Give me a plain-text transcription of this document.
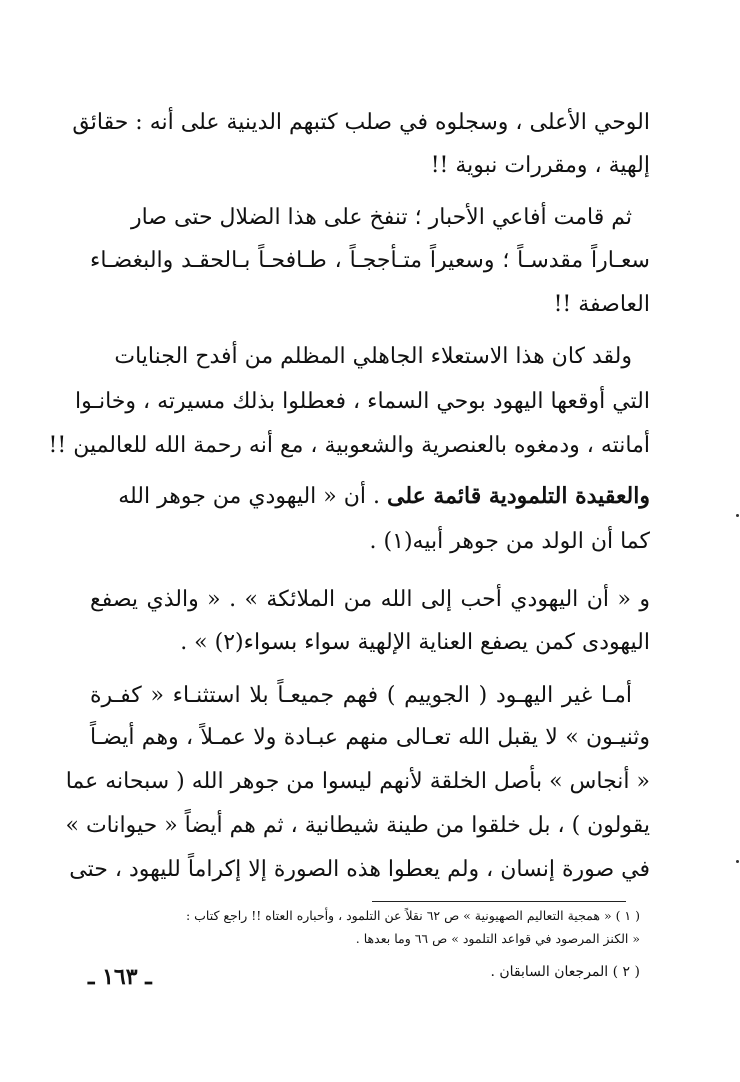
الوحي الأعلى ، وسجلوه في صلب كتبهم الدينية على أنه : حقائق
إلهية ، ومقررات نبوية !!
ثم قامت أفاعي الأحبار ؛ تنفخ على هذا الضلال حتى صار
سعـاراً مقدسـاً ؛ وسعيراً متـأججـاً ، طـافحـاً بـالحقـد والبغضـاء
العاصفة !!
ولقد كان هذا الاستعلاء الجاهلي المظلم من أفدح الجنايات
التي أوقعها اليهود بوحي السماء ، فعطلوا بذلك مسيرته ، وخانـوا
أمانته ، ودمغوه بالعنصرية والشعوبية ، مع أنه رحمة الله للعالمين !!
والعقيدة التلمودية قائمة على . أن « اليهودي من جوهر الله
كما أن الولد من جوهر أبيه(١) .
و « أن اليهودي أحب إلى الله من الملائكة » . « والذي يصفع
اليهودى كمن يصفع العناية الإلهية سواء بسواء(٢) » .
أمـا غير اليهـود ( الجوييم ) فهم جميعـاً بلا استثنـاء « كفـرة
وثنيـون » لا يقبل الله تعـالى منهم عبـادة ولا عمـلاً ، وهم أيضـاً
« أنجاس » بأصل الخلقة لأنهم ليسوا من جوهر الله ( سبحانه عما
يقولون ) ، بل خلقوا من طينة شيطانية ، ثم هم أيضاً « حيوانات »
في صورة إنسان ، ولم يعطوا هذه الصورة إلا إكراماً لليهود ، حتى
( ١ ) « همجية التعاليم الصهيونية » ص ٦٢ نقلاً عن التلمود ، وأحباره العتاه !! راجع كتاب :
« الكنز المرصود في قواعد التلمود » ص ٦٦ وما بعدها .
( ٢ ) المرجعان السابقان .
ـ ١٦٣ ـ
